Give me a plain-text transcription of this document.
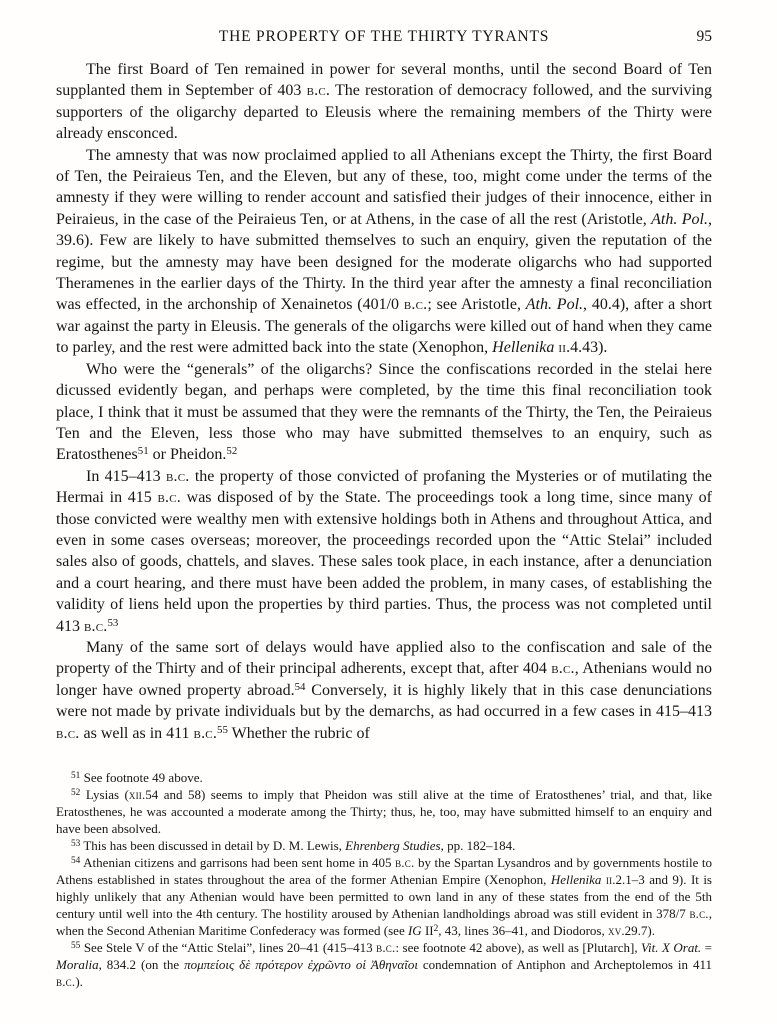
THE PROPERTY OF THE THIRTY TYRANTS	95

The first Board of Ten remained in power for several months, until the second Board of Ten supplanted them in September of 403 b.c. The restoration of democracy followed, and the surviving supporters of the oligarchy departed to Eleusis where the remaining members of the Thirty were already ensconced.

The amnesty that was now proclaimed applied to all Athenians except the Thirty, the first Board of Ten, the Peiraieus Ten, and the Eleven, but any of these, too, might come under the terms of the amnesty if they were willing to render account and satisfied their judges of their innocence, either in Peiraieus, in the case of the Peiraieus Ten, or at Athens, in the case of all the rest (Aristotle, Ath. Pol., 39.6). Few are likely to have submitted themselves to such an enquiry, given the reputation of the regime, but the amnesty may have been designed for the moderate oligarchs who had supported Theramenes in the earlier days of the Thirty. In the third year after the amnesty a final reconciliation was effected, in the archonship of Xenainetos (401/0 b.c.; see Aristotle, Ath. Pol., 40.4), after a short war against the party in Eleusis. The generals of the oligarchs were killed out of hand when they came to parley, and the rest were admitted back into the state (Xenophon, Hellenika ii.4.43).

Who were the “generals” of the oligarchs? Since the confiscations recorded in the stelai here dicussed evidently began, and perhaps were completed, by the time this final reconciliation took place, I think that it must be assumed that they were the remnants of the Thirty, the Ten, the Peiraieus Ten and the Eleven, less those who may have submitted themselves to an enquiry, such as Eratosthenes$^{51}$ or Pheidon.$^{52}$

In 415–413 b.c. the property of those convicted of profaning the Mysteries or of mutilating the Hermai in 415 b.c. was disposed of by the State. The proceedings took a long time, since many of those convicted were wealthy men with extensive holdings both in Athens and throughout Attica, and even in some cases overseas; moreover, the proceedings recorded upon the “Attic Stelai” included sales also of goods, chattels, and slaves. These sales took place, in each instance, after a denunciation and a court hearing, and there must have been added the problem, in many cases, of establishing the validity of liens held upon the properties by third parties. Thus, the process was not completed until 413 b.c.$^{53}$

Many of the same sort of delays would have applied also to the confiscation and sale of the property of the Thirty and of their principal adherents, except that, after 404 b.c., Athenians would no longer have owned property abroad.$^{54}$ Conversely, it is highly likely that in this case denunciations were not made by private individuals but by the demarchs, as had occurred in a few cases in 415–413 b.c. as well as in 411 b.c.$^{55}$ Whether the rubric of

$^{51}$ See footnote 49 above.

$^{52}$ Lysias (xii.54 and 58) seems to imply that Pheidon was still alive at the time of Eratosthenes’ trial, and that, like Eratosthenes, he was accounted a moderate among the Thirty; thus, he, too, may have submitted himself to an enquiry and have been absolved.

$^{53}$ This has been discussed in detail by D. M. Lewis, Ehrenberg Studies, pp. 182–184.

$^{54}$ Athenian citizens and garrisons had been sent home in 405 b.c. by the Spartan Lysandros and by governments hostile to Athens established in states throughout the area of the former Athenian Empire (Xenophon, Hellenika ii.2.1–3 and 9). It is highly unlikely that any Athenian would have been permitted to own land in any of these states from the end of the 5th century until well into the 4th century. The hostility aroused by Athenian landholdings abroad was still evident in 378/7 b.c., when the Second Athenian Maritime Confederacy was formed (see IG $II^2$, 43, lines 36–41, and Diodoros, xv.29.7).

$^{55}$ See Stele V of the “Attic Stelai”, lines 20–41 (415–413 b.c.: see footnote 42 above), as well as [Plutarch], Vit. X Orat. = Moralia, 834.2 (on the πομπείοις δὲ πρότερον ἐχρῶντο οἱ Ἀθηναῖοι condemnation of Antiphon and Archeptolemos in 411 b.c.).
